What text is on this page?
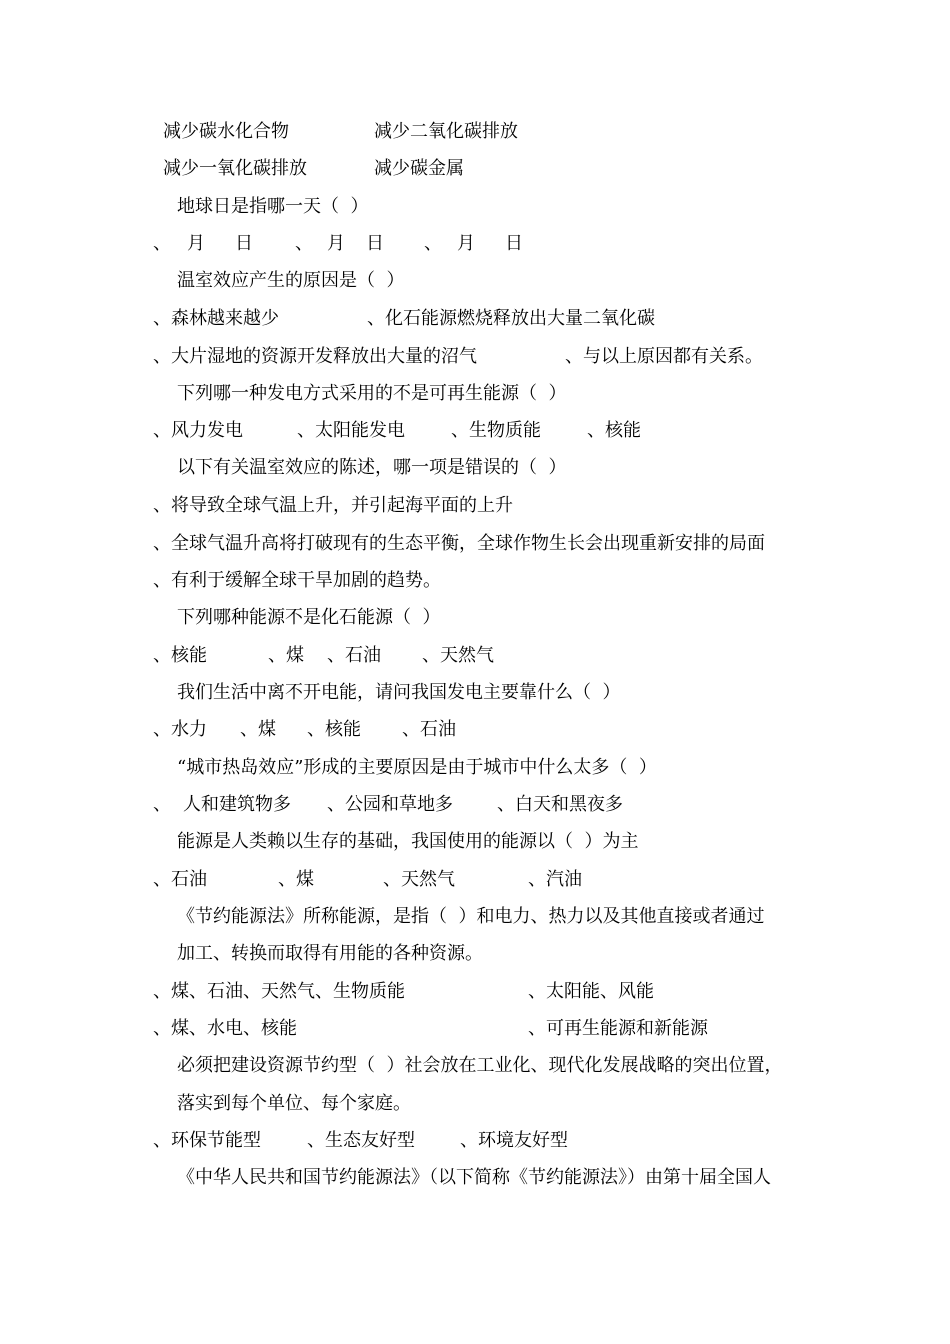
减少碳水化合物	减少二氧化碳排放
减少一氧化碳排放	减少碳金属
地球日是指哪一天（  ）
、 月 日 、 月 日 、 月 日
温室效应产生的原因是（  ）
、森林越来越少	、化石能源燃烧释放出大量二氧化碳
、大片湿地的资源开发释放出大量的沼气	、与以上原因都有关系。
下列哪一种发电方式采用的不是可再生能源（  ）
、风力发电	、太阳能发电	、生物质能	、核能
以下有关温室效应的陈述，哪一项是错误的（  ）
、将导致全球气温上升，并引起海平面的上升
、全球气温升高将打破现有的生态平衡，全球作物生长会出现重新安排的局面
、有利于缓解全球干旱加剧的趋势。
下列哪种能源不是化石能源（  ）
、核能	、煤 、石油 、天然气
我们生活中离不开电能，请问我国发电主要靠什么（  ）
、水力 、煤 、核能 、石油
“城市热岛效应”形成的主要原因是由于城市中什么太多（  ）
、 人和建筑物多 、公园和草地多 、白天和黑夜多
能源是人类赖以生存的基础，我国使用的能源以（  ）为主
、石油	、煤	、天然气	、汽油
《节约能源法》所称能源，是指（  ）和电力、热力以及其他直接或者通过
加工、转换而取得有用能的各种资源。
、煤、石油、天然气、生物质能	、太阳能、风能
、煤、水电、核能	、可再生能源和新能源
必须把建设资源节约型（  ）社会放在工业化、现代化发展战略的突出位置，
落实到每个单位、每个家庭。
、环保节能型	、生态友好型	、环境友好型
《中华人民共和国节约能源法》（以下简称《节约能源法》）由第十届全国人
